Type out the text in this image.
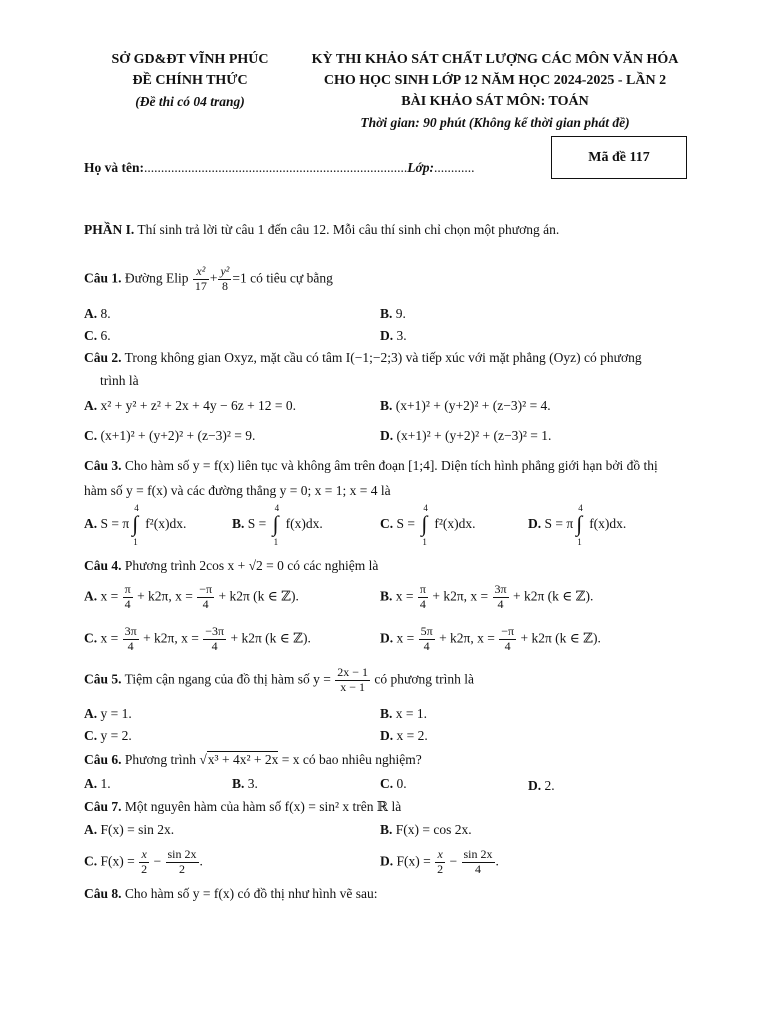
SỞ GD&ĐT VĨNH PHÚC
ĐỀ CHÍNH THỨC
(Đề thi có 04 trang)
KỲ THI KHẢO SÁT CHẤT LƯỢNG CÁC MÔN VĂN HÓA
CHO HỌC SINH LỚP 12 NĂM HỌC 2024-2025 - LẦN 2
BÀI KHẢO SÁT MÔN: TOÁN
Thời gian: 90 phút (Không kể thời gian phát đề)
Họ và tên:..............................................................................Lớp:............
Mã đề 117
PHẦN I. Thí sinh trả lời từ câu 1 đến câu 12. Mỗi câu thí sinh chỉ chọn một phương án.
Câu 1. Đường Elip $\frac{\text{x²}}{17} + \frac{\text{y²}}{8} =1$ có tiêu cự bằng
A. 8.	B. 9.
C. 6.	D. 3.
Câu 2. Trong không gian Oxyz, mặt cầu có tâm I(−1;−2;3) và tiếp xúc với mặt phẳng (Oyz) có phương
trình là
A. x² + y² + z² + 2x + 4y − 6z + 12 = 0.	B. (x+1)² + (y+2)² + (z−3)² = 4.
C. (x+1)² + (y+2)² + (z−3)² = 9.	D. (x+1)² + (y+2)² + (z−3)² = 1.
Câu 3. Cho hàm số y = f(x) liên tục và không âm trên đoạn [1;4]. Diện tích hình phẳng giới hạn bởi đồ thị
hàm số y = f(x) và các đường thẳng y = 0; x = 1; x = 4 là
A. S = π
4
∫
1
f²(x)dx.	B. S =
4
∫
1
f(x)dx.	C. S =
4
∫
1
f²(x)dx.	D. S = π
4
∫
1
f(x)dx.
Câu 4. Phương trình 2cos x + √2 = 0 có các nghiệm là
A. $x = \frac{\pi}{4} + k2\pi$, $x = \frac{-\pi}{4} + k2\pi$ (k ∈ ℤ).	B. $x = \frac{\pi}{4} + k2\pi$, $x = \frac{3\pi}{4} + k2\pi$ (k ∈ ℤ).
C. $x = \frac{3\pi}{4} + k2\pi$, $x = \frac{-3\pi}{4} + k2\pi$ (k ∈ ℤ).	D. $x = \frac{5\pi}{4} + k2\pi$, $x = \frac{-\pi}{4} + k2\pi$ (k ∈ ℤ).
Câu 5. Tiệm cận ngang của đồ thị hàm số $y = \frac{2x - 1}{x - 1}$ có phương trình là
A. y = 1.	B. x = 1.
C. y = 2.	D. x = 2.
Câu 6. Phương trình √x³ + 4x² + 2x = x có bao nhiêu nghiệm?
A. 1.	B. 3.	C. 0.	D. 2.
Câu 7. Một nguyên hàm của hàm số f(x) = sin² x trên ℝ là
A. F(x) = sin 2x.	B. F(x) = cos 2x.
C. $F(x) = \frac{x}{2} - \frac{\sin 2x}{2}$ .	D. $F(x) = \frac{x}{2} - \frac{\sin 2x}{4}$ .
Câu 8. Cho hàm số y = f(x) có đồ thị như hình vẽ sau:
